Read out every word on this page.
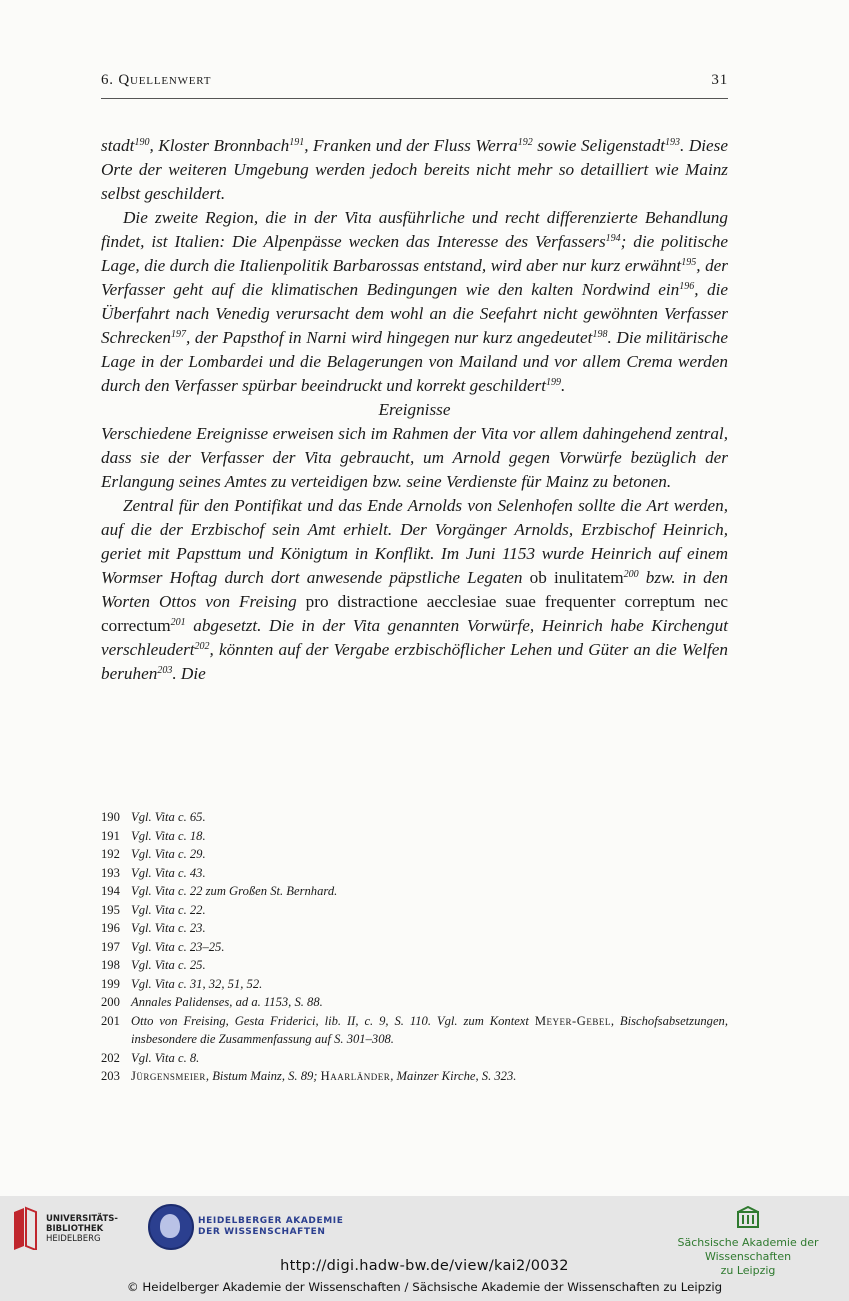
6. Quellenwert	31

stadt$^{190}$, Kloster Bronnbach$^{191}$, Franken und der Fluss Werra$^{192}$ sowie Seligenstadt$^{193}$. Diese Orte der weiteren Umgebung werden jedoch bereits nicht mehr so detailliert wie Mainz selbst geschildert.

Die zweite Region, die in der Vita ausführliche und recht differenzierte Behandlung findet, ist Italien: Die Alpenpässe wecken das Interesse des Verfassers$^{194}$; die politische Lage, die durch die Italienpolitik Barbarossas entstand, wird aber nur kurz erwähnt$^{195}$, der Verfasser geht auf die klimatischen Bedingungen wie den kalten Nordwind ein$^{196}$, die Überfahrt nach Venedig verursacht dem wohl an die Seefahrt nicht gewöhnten Verfasser Schrecken$^{197}$, der Papsthof in Narni wird hingegen nur kurz angedeutet$^{198}$. Die militärische Lage in der Lombardei und die Belagerungen von Mailand und vor allem Crema werden durch den Verfasser spürbar beeindruckt und korrekt geschildert$^{199}$.

Ereignisse

Verschiedene Ereignisse erweisen sich im Rahmen der Vita vor allem dahingehend zentral, dass sie der Verfasser der Vita gebraucht, um Arnold gegen Vorwürfe bezüglich der Erlangung seines Amtes zu verteidigen bzw. seine Verdienste für Mainz zu betonen.

Zentral für den Pontifikat und das Ende Arnolds von Selenhofen sollte die Art werden, auf die der Erzbischof sein Amt erhielt. Der Vorgänger Arnolds, Erzbischof Heinrich, geriet mit Papsttum und Königtum in Konflikt. Im Juni 1153 wurde Heinrich auf einem Wormser Hoftag durch dort anwesende päpstliche Legaten ob inulitatem$^{200}$ bzw. in den Worten Ottos von Freising pro distractione aecclesiae suae frequenter correptum nec correctum$^{201}$ abgesetzt. Die in der Vita genannten Vorwürfe, Heinrich habe Kirchengut verschleudert$^{202}$, könnten auf der Vergabe erzbischöflicher Lehen und Güter an die Welfen beruhen$^{203}$. Die

190 Vgl. Vita c. 65.
191 Vgl. Vita c. 18.
192 Vgl. Vita c. 29.
193 Vgl. Vita c. 43.
194 Vgl. Vita c. 22 zum Großen St. Bernhard.
195 Vgl. Vita c. 22.
196 Vgl. Vita c. 23.
197 Vgl. Vita c. 23–25.
198 Vgl. Vita c. 25.
199 Vgl. Vita c. 31, 32, 51, 52.
200 Annales Palidenses, ad a. 1153, S. 88.
201 Otto von Freising, Gesta Friderici, lib. II, c. 9, S. 110. Vgl. zum Kontext Meyer-Gebel, Bischofsabsetzungen, insbesondere die Zusammenfassung auf S. 301–308.
202 Vgl. Vita c. 8.
203 Jürgensmeier, Bistum Mainz, S. 89; Haarländer, Mainzer Kirche, S. 323.
UNIVERSITÄTS-
BIBLIOTHEK
HEIDELBERG
HEIDELBERGER AKADEMIE
DER WISSENSCHAFTEN
Sächsische Akademie der Wissenschaften
zu Leipzig
http://digi.hadw-bw.de/view/kai2/0032
© Heidelberger Akademie der Wissenschaften / Sächsische Akademie der Wissenschaften zu Leipzig
